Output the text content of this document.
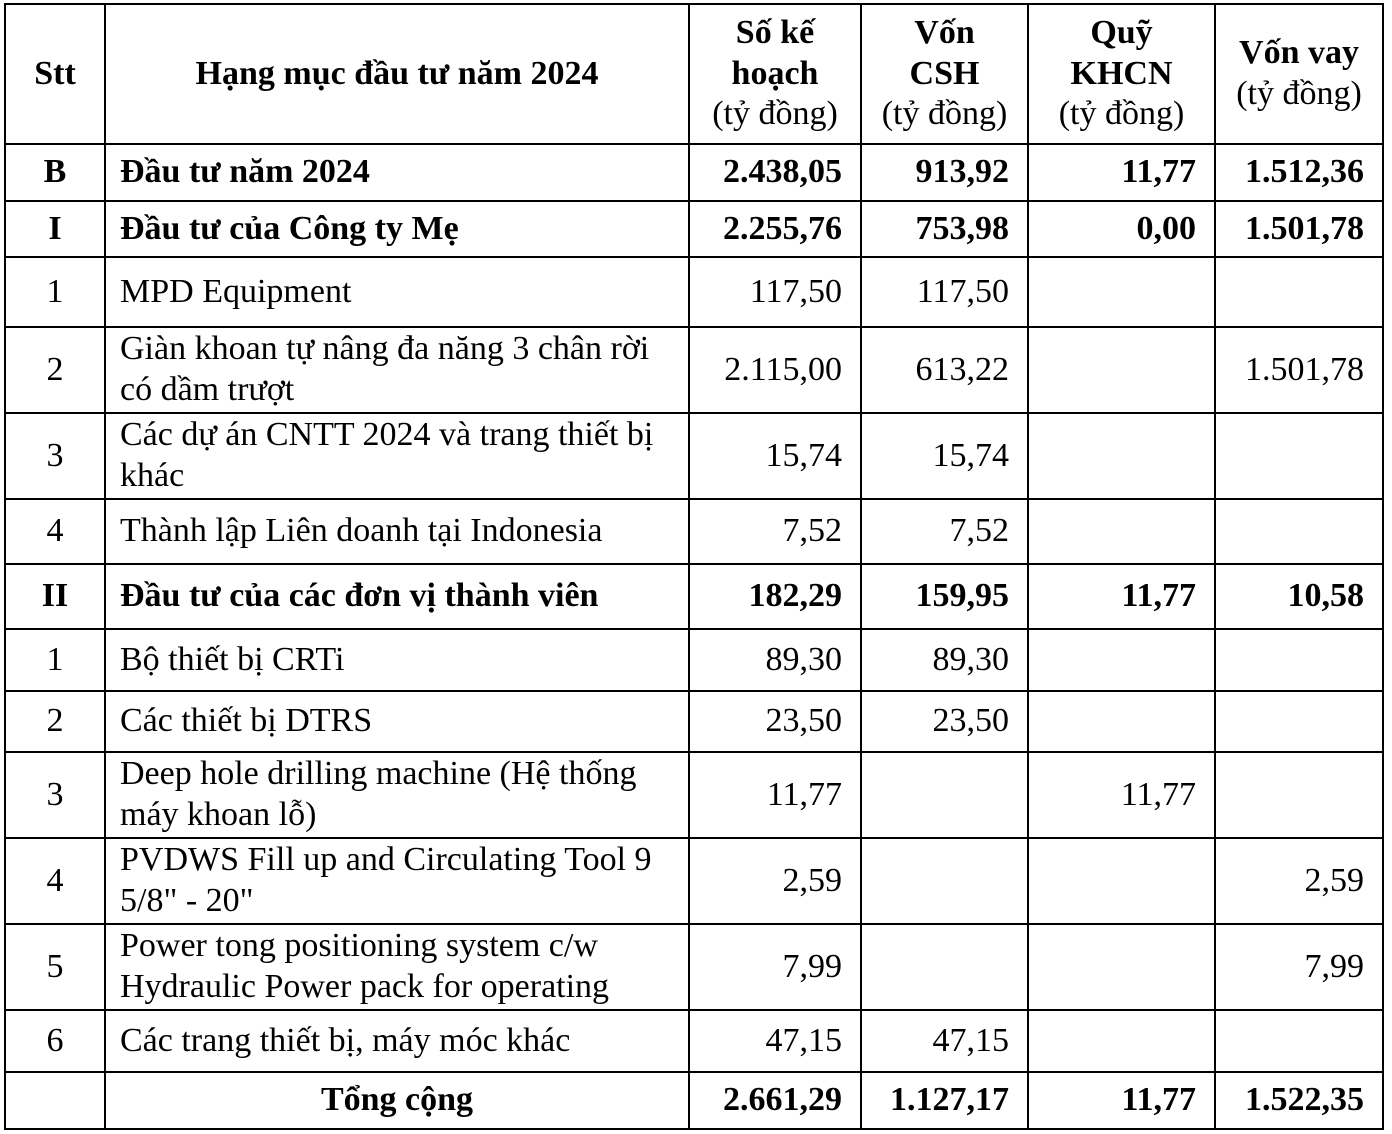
Stt	Hạng mục đầu tư năm 2024	Số kế
hoạch
(tỷ đồng)	Vốn
CSH
(tỷ đồng)	Quỹ
KHCN
(tỷ đồng)	Vốn vay
(tỷ đồng)

B	Đầu tư năm 2024	2.438,05	913,92	11,77	1.512,36
I	Đầu tư của Công ty Mẹ	2.255,76	753,98	0,00	1.501,78
1	MPD Equipment	117,50	117,50		
2	Giàn khoan tự nâng đa năng 3 chân rời có dầm trượt	2.115,00	613,22		1.501,78
3	Các dự án CNTT 2024 và trang thiết bị khác	15,74	15,74		
4	Thành lập Liên doanh tại Indonesia	7,52	7,52		
II	Đầu tư của các đơn vị thành viên	182,29	159,95	11,77	10,58
1	Bộ thiết bị CRTi	89,30	89,30		
2	Các thiết bị DTRS	23,50	23,50		
3	Deep hole drilling machine (Hệ thống máy khoan lỗ)	11,77		11,77	
4	PVDWS Fill up and Circulating Tool 9 5/8" - 20"	2,59			2,59
5	Power tong positioning system c/w Hydraulic Power pack for operating	7,99			7,99
6	Các trang thiết bị, máy móc khác	47,15	47,15		
	Tổng cộng	2.661,29	1.127,17	11,77	1.522,35
